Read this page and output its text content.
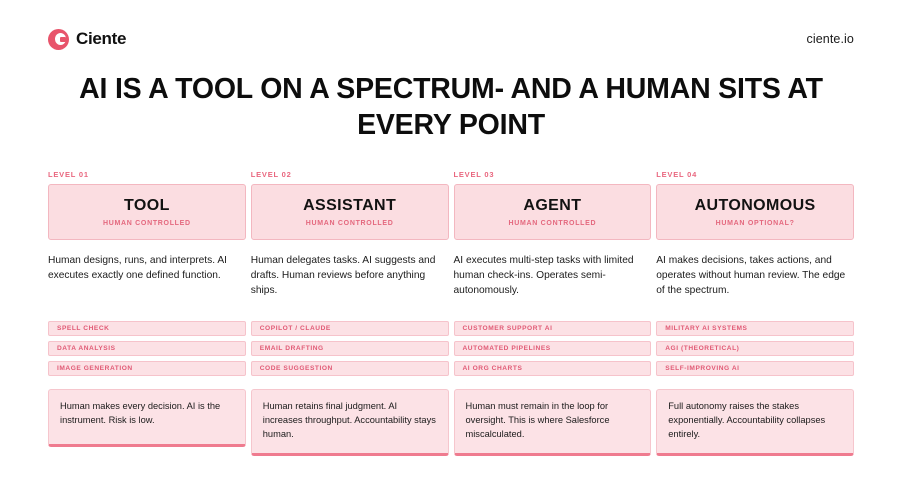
Ciente	ciente.io
AI IS A TOOL ON A SPECTRUM- AND A HUMAN SITS AT EVERY POINT
LEVEL 01
TOOL
HUMAN CONTROLLED
Human designs, runs, and interprets. AI executes exactly one defined function.
SPELL CHECK
DATA ANALYSIS
IMAGE GENERATION
Human makes every decision. AI is the instrument. Risk is low.
LEVEL 02
ASSISTANT
HUMAN CONTROLLED
Human delegates tasks. AI suggests and drafts. Human reviews before anything ships.
COPILOT / CLAUDE
EMAIL DRAFTING
CODE SUGGESTION
Human retains final judgment. AI increases throughput. Accountability stays human.
LEVEL 03
AGENT
HUMAN CONTROLLED
AI executes multi-step tasks with limited human check-ins. Operates semi-autonomously.
CUSTOMER SUPPORT AI
AUTOMATED PIPELINES
AI ORG CHARTS
Human must remain in the loop for oversight. This is where Salesforce miscalculated.
LEVEL 04
AUTONOMOUS
HUMAN OPTIONAL?
AI makes decisions, takes actions, and operates without human review. The edge of the spectrum.
MILITARY AI SYSTEMS
AGI (THEORETICAL)
SELF-IMPROVING AI
Full autonomy raises the stakes exponentially. Accountability collapses entirely.
